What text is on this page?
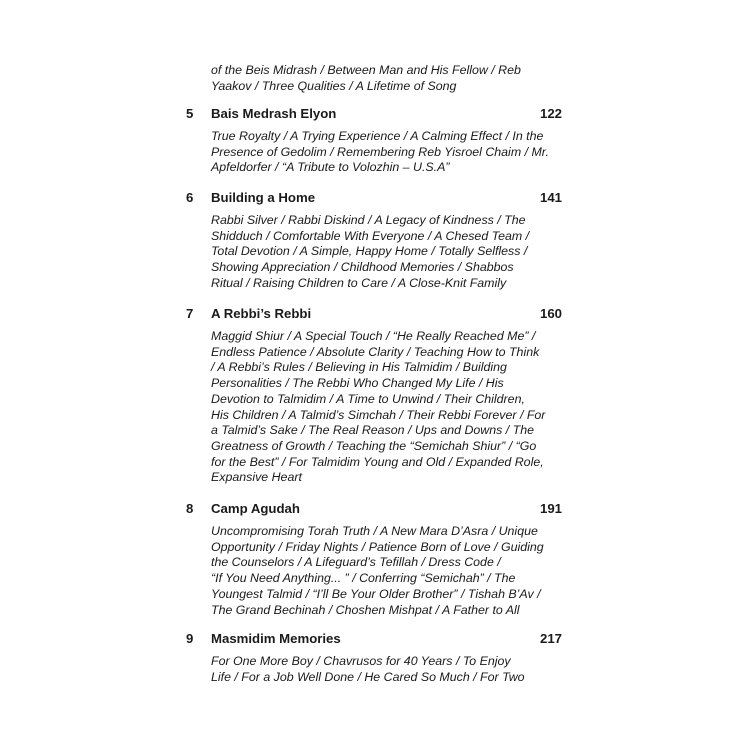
of the Beis Midrash / Between Man and His Fellow / Reb
Yaakov / Three Qualities / A Lifetime of Song
5 Bais Medrash Elyon	122
True Royalty / A Trying Experience / A Calming Effect / In the
Presence of Gedolim / Remembering Reb Yisroel Chaim / Mr.
Apfeldorfer / “A Tribute to Volozhin – U.S.A”
6 Building a Home	141
Rabbi Silver / Rabbi Diskind / A Legacy of Kindness / The
Shidduch / Comfortable With Everyone / A Chesed Team /
Total Devotion / A Simple, Happy Home / Totally Selfless /
Showing Appreciation / Childhood Memories / Shabbos
Ritual / Raising Children to Care / A Close-Knit Family
7 A Rebbi’s Rebbi	160
Maggid Shiur / A Special Touch / “He Really Reached Me” /
Endless Patience / Absolute Clarity / Teaching How to Think
/ A Rebbi’s Rules / Believing in His Talmidim / Building
Personalities / The Rebbi Who Changed My Life / His
Devotion to Talmidim / A Time to Unwind / Their Children,
His Children / A Talmid’s Simchah / Their Rebbi Forever / For
a Talmid’s Sake / The Real Reason / Ups and Downs / The
Greatness of Growth / Teaching the “Semichah Shiur” / “Go
for the Best” / For Talmidim Young and Old / Expanded Role,
Expansive Heart
8 Camp Agudah	191
Uncompromising Torah Truth / A New Mara D’Asra / Unique
Opportunity / Friday Nights / Patience Born of Love / Guiding
the Counselors / A Lifeguard’s Tefillah / Dress Code /
“If You Need Anything... ” / Conferring “Semichah” / The
Youngest Talmid / “I’ll Be Your Older Brother” / Tishah B’Av /
The Grand Bechinah / Choshen Mishpat / A Father to All
9 Masmidim Memories	217
For One More Boy / Chavrusos for 40 Years / To Enjoy
Life / For a Job Well Done / He Cared So Much / For Two
